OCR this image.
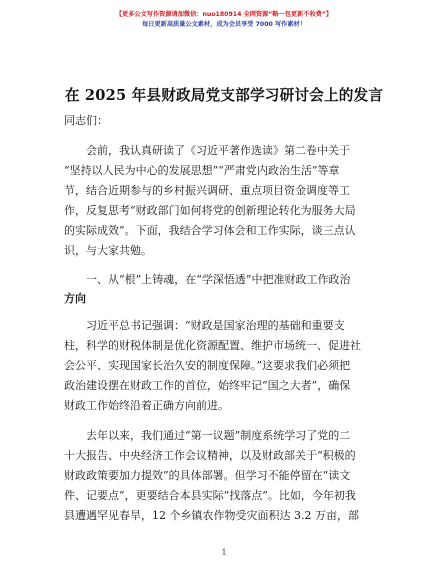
【更多公文写作资源请加微信：nuo180914 全网资源“略一包更新不收费”】
每日更新高质量公文素材，成为会员享受 7000 写作素材！
在 2025 年县财政局党支部学习研讨会上的发言
同志们：
　　会前，我认真研读了《习近平著作选读》第二卷中关于
“坚持以人民为中心的发展思想”“严肃党内政治生活”等章
节，结合近期参与的乡村振兴调研、重点项目资金调度等工
作，反复思考“财政部门如何将党的创新理论转化为服务大局
的实际成效”。下面，我结合学习体会和工作实际，谈三点认
识，与大家共勉。
　　一、从“根”上铸魂，在“学深悟透”中把准财政工作政治
方向
　　习近平总书记强调：“财政是国家治理的基础和重要支
柱，科学的财税体制是优化资源配置、维护市场统一、促进社
会公平、实现国家长治久安的制度保障。”这要求我们必须把
政治建设摆在财政工作的首位，始终牢记“国之大者”，确保
财政工作始终沿着正确方向前进。
　　去年以来，我们通过“第一议题”制度系统学习了党的二
十大报告、中央经济工作会议精神，以及财政部关于“积极的
财政政策要加力提效”的具体部署。但学习不能停留在“读文
件、记要点”，更要结合本县实际“找落点”。比如，今年初我
县遭遇罕见春旱，12 个乡镇农作物受灾面积达 3.2 万亩，部
1
